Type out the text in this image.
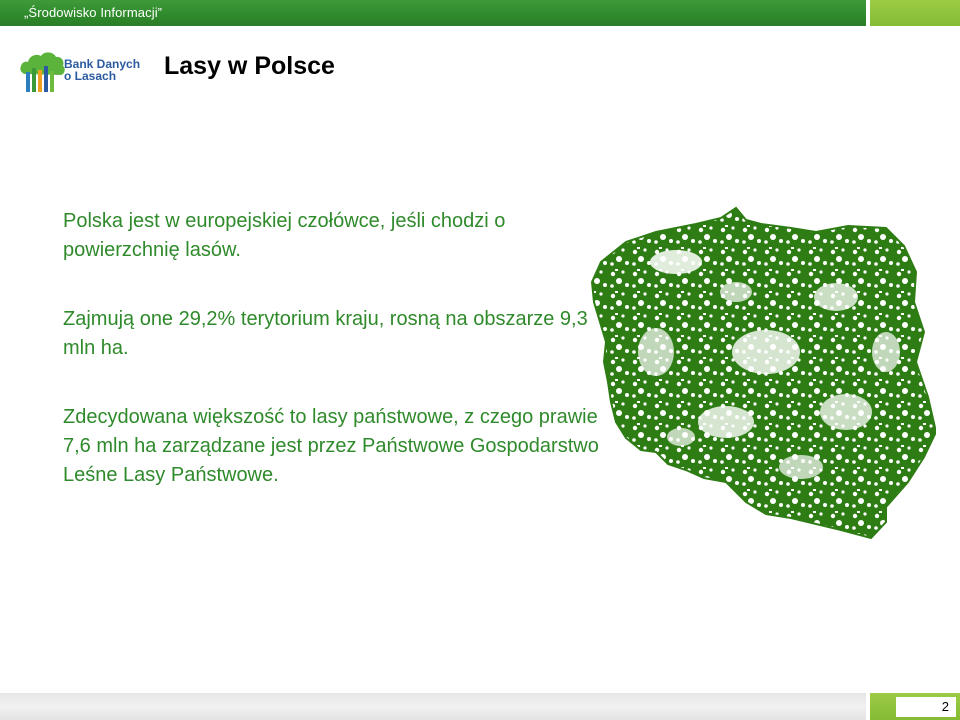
„Środowisko Informacji”
Bank Danych
o Lasach	Lasy w Polsce
Polska jest w europejskiej czołówce, jeśli chodzi o powierzchnię lasów.
Zajmują one 29,2% terytorium kraju, rosną na obszarze 9,3 mln ha.
Zdecydowana większość to lasy państwowe, z czego prawie 7,6 mln ha zarządzane jest przez Państwowe Gospodarstwo Leśne Lasy Państwowe.
2
